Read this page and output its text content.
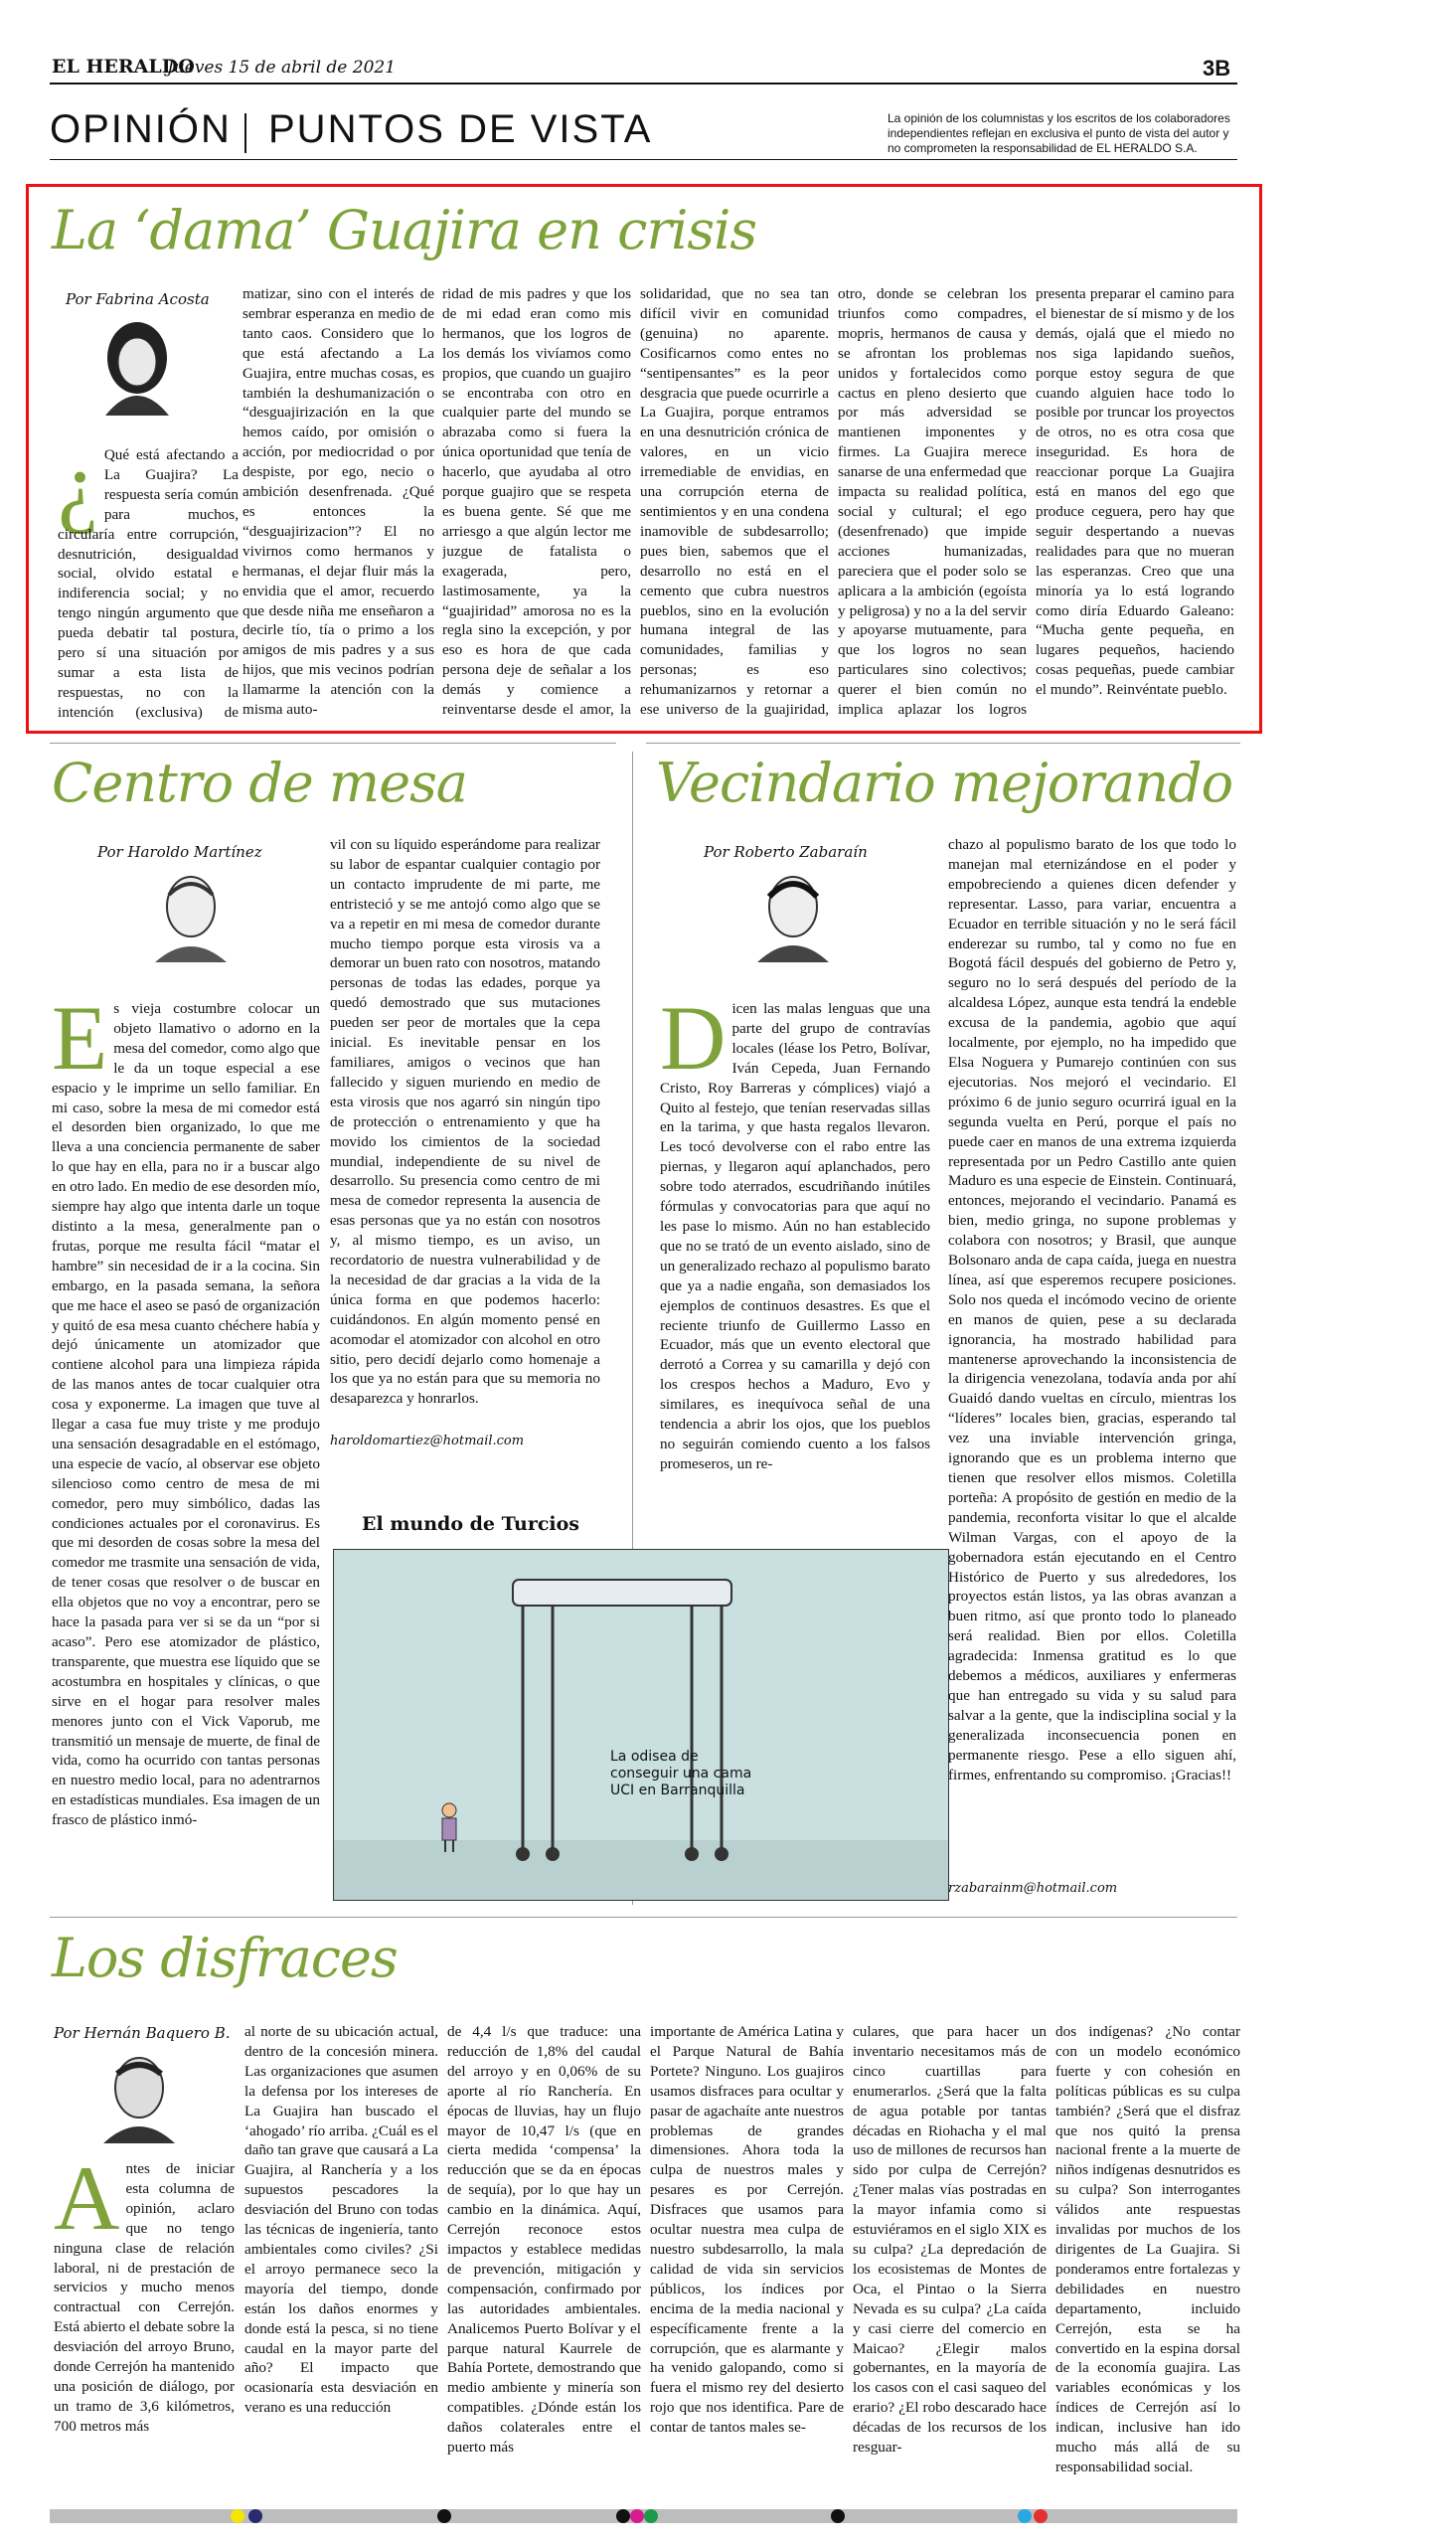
EL HERALDO
Jueves 15 de abril de 2021	3B
OPINIÓN PUNTOS DE VISTA	La opinión de los columnistas y los escritos de los colaboradores independientes reflejan en exclusiva el punto de vista del autor y no comprometen la responsabilidad de EL HERALDO S.A.
La ‘dama’ Guajira en crisis
Por Fabrina Acosta
¿ Qué está afectando a La Guajira? La respuesta sería común para muchos, circularía entre corrupción, desnutrición, desigualdad social, olvido estatal e indiferencia social; y no tengo ningún argumento que pueda debatir tal postura, pero sí una situación por sumar a esta lista de respuestas, no con la intención (exclusiva) de
matizar, sino con el interés de sembrar esperanza en medio de tanto caos. Considero que lo que está afectando a La Guajira, entre muchas cosas, es también la deshumanización o “desguajirización en la que hemos caído, por omisión o acción, por mediocridad o por despiste, por ego, necio o ambición desenfrenada. ¿Qué es entonces la “desguajirizacion”? El no vivirnos como hermanos y hermanas, el dejar fluir más la envidia que el amor, recuerdo que desde niña me enseñaron a decirle tío, tía o primo a los amigos de mis padres y a sus hijos, que mis vecinos podrían llamarme la atención con la misma auto-
ridad de mis padres y que los de mi edad eran como mis hermanos, que los logros de los demás los vivíamos como propios, que cuando un guajiro se encontraba con otro en cualquier parte del mundo se abrazaba como si fuera la única oportunidad que tenía de hacerlo, que ayudaba al otro porque guajiro que se respeta es buena gente. Sé que me arriesgo a que algún lector me juzgue de fatalista o exagerada, pero, lastimosamente, ya la “guajiridad” amorosa no es la regla sino la excepción, y por eso es hora de que cada persona deje de señalar a los demás y comience a reinventarse desde el amor, la
solidaridad, que no sea tan difícil vivir en comunidad (genuina) no aparente. Cosificarnos como entes no “sentipensantes” es la peor desgracia que puede ocurrirle a La Guajira, porque entramos en una desnutrición crónica de valores, en un vicio irremediable de envidias, en una corrupción eterna de sentimientos y en una condena inamovible de subdesarrollo; pues bien, sabemos que el desarrollo no está en el cemento que cubra nuestros pueblos, sino en la evolución humana integral de las comunidades, familias y personas; es eso rehumanizarnos y retornar a ese universo de la guajiridad,
otro, donde se celebran los triunfos como compadres, mopris, hermanos de causa y se afrontan los problemas unidos y fortalecidos como cactus en pleno desierto que por más adversidad se mantienen imponentes y firmes. La Guajira merece sanarse de una enfermedad que impacta su realidad política, social y cultural; el ego (desenfrenado) que impide acciones humanizadas, pareciera que el poder solo se aplicara a la ambición (egoísta y peligrosa) y no a la del servir y apoyarse mutuamente, para que los logros no sean particulares sino colectivos; querer el bien común no implica aplazar los logros
presenta preparar el camino para el bienestar de sí mismo y de los demás, ojalá que el miedo no nos siga lapidando sueños, porque estoy segura de que cuando alguien hace todo lo posible por truncar los proyectos de otros, no es otra cosa que inseguridad. Es hora de reaccionar porque La Guajira está en manos del ego que produce ceguera, pero hay que seguir despertando a nuevas realidades para que no mueran las esperanzas. Creo que una minoría ya lo está logrando como diría Eduardo Galeano: “Mucha gente pequeña, en lugares pequeños, haciendo cosas pequeñas, puede cambiar el mundo”. Reinvéntate pueblo.
Centro de mesa
Por Haroldo Martínez
Es vieja costumbre colocar un objeto llamativo o adorno en la mesa del comedor, como algo que le da un toque especial a ese espacio y le imprime un sello familiar. En mi caso, sobre la mesa de mi comedor está el desorden bien organizado, lo que me lleva a una conciencia permanente de saber lo que hay en ella, para no ir a buscar algo en otro lado. En medio de ese desorden mío, siempre hay algo que intenta darle un toque distinto a la mesa, generalmente pan o frutas, porque me resulta fácil “matar el hambre” sin necesidad de ir a la cocina. Sin embargo, en la pasada semana, la señora que me hace el aseo se pasó de organización y quitó de esa mesa cuanto chéchere había y dejó únicamente un atomizador que contiene alcohol para una limpieza rápida de las manos antes de tocar cualquier otra cosa y exponerme. La imagen que tuve al llegar a casa fue muy triste y me produjo una sensación desagradable en el estómago, una especie de vacío, al observar ese objeto silencioso como centro de mesa de mi comedor, pero muy simbólico, dadas las condiciones actuales por el coronavirus. Es que mi desorden de cosas sobre la mesa del comedor me trasmite una sensación de vida, de tener cosas que resolver o de buscar en ella objetos que no voy a encontrar, pero se hace la pasada para ver si se da un “por si acaso”. Pero ese atomizador de plástico, transparente, que muestra ese líquido que se acostumbra en hospitales y clínicas, o que sirve en el hogar para resolver males menores junto con el Vick Vaporub, me transmitió un mensaje de muerte, de final de vida, como ha ocurrido con tantas personas en nuestro medio local, para no adentrarnos en estadísticas mundiales. Esa imagen de un frasco de plástico inmó-
vil con su líquido esperándome para realizar su labor de espantar cualquier contagio por un contacto imprudente de mi parte, me entristeció y se me antojó como algo que se va a repetir en mi mesa de comedor durante mucho tiempo porque esta virosis va a demorar un buen rato con nosotros, matando personas de todas las edades, porque ya quedó demostrado que sus mutaciones pueden ser peor de mortales que la cepa inicial. Es inevitable pensar en los familiares, amigos o vecinos que han fallecido y siguen muriendo en medio de esta virosis que nos agarró sin ningún tipo de protección o entrenamiento y que ha movido los cimientos de la sociedad mundial, independiente de su nivel de desarrollo. Su presencia como centro de mi mesa de comedor representa la ausencia de esas personas que ya no están con nosotros y, al mismo tiempo, es un aviso, un recordatorio de nuestra vulnerabilidad y de la necesidad de dar gracias a la vida de la única forma en que podemos hacerlo: cuidándonos. En algún momento pensé en acomodar el atomizador con alcohol en otro sitio, pero decidí dejarlo como homenaje a los que ya no están para que su memoria no desaparezca y honrarlos.
haroldomartiez@hotmail.com
El mundo de Turcios
La odisea de conseguir una cama UCI en Barranquilla
Vecindario mejorando
Por Roberto Zabaraín
Dicen las malas lenguas que una parte del grupo de contravías locales (léase los Petro, Bolívar, Iván Cepeda, Juan Fernando Cristo, Roy Barreras y cómplices) viajó a Quito al festejo, que tenían reservadas sillas en la tarima, y que hasta regalos llevaron. Les tocó devolverse con el rabo entre las piernas, y llegaron aquí aplanchados, pero sobre todo aterrados, escudriñando inútiles fórmulas y convocatorias para que aquí no les pase lo mismo. Aún no han establecido que no se trató de un evento aislado, sino de un generalizado rechazo al populismo barato que ya a nadie engaña, son demasiados los ejemplos de continuos desastres. Es que el reciente triunfo de Guillermo Lasso en Ecuador, más que un evento electoral que derrotó a Correa y su camarilla y dejó con los crespos hechos a Maduro, Evo y similares, es inequívoca señal de una tendencia a abrir los ojos, que los pueblos no seguirán comiendo cuento a los falsos promeseros, un re-
chazo al populismo barato de los que todo lo manejan mal eternizándose en el poder y empobreciendo a quienes dicen defender y representar. Lasso, para variar, encuentra a Ecuador en terrible situación y no le será fácil enderezar su rumbo, tal y como no fue en Bogotá fácil después del gobierno de Petro y, seguro no lo será después del período de la alcaldesa López, aunque esta tendrá la endeble excusa de la pandemia, agobio que aquí localmente, por ejemplo, no ha impedido que Elsa Noguera y Pumarejo continúen con sus ejecutorias. Nos mejoró el vecindario. El próximo 6 de junio seguro ocurrirá igual en la segunda vuelta en Perú, porque el país no puede caer en manos de una extrema izquierda representada por un Pedro Castillo ante quien Maduro es una especie de Einstein. Continuará, entonces, mejorando el vecindario. Panamá es bien, medio gringa, no supone problemas y colabora con nosotros; y Brasil, que aunque Bolsonaro anda de capa caída, juega en nuestra línea, así que esperemos recupere posiciones. Solo nos queda el incómodo vecino de oriente en manos de quien, pese a su declarada ignorancia, ha mostrado habilidad para mantenerse aprovechando la inconsistencia de la dirigencia venezolana, todavía anda por ahí Guaidó dando vueltas en círculo, mientras los “líderes” locales bien, gracias, esperando tal vez una inviable intervención gringa, ignorando que es un problema interno que tienen que resolver ellos mismos. Coletilla porteña: A propósito de gestión en medio de la pandemia, reconforta visitar lo que el alcalde Wilman Vargas, con el apoyo de la gobernadora están ejecutando en el Centro Histórico de Puerto y sus alrededores, los proyectos están listos, ya las obras avanzan a buen ritmo, así que pronto todo lo planeado será realidad. Bien por ellos. Coletilla agradecida: Inmensa gratitud es lo que debemos a médicos, auxiliares y enfermeras que han entregado su vida y su salud para salvar a la gente, que la indisciplina social y la generalizada inconsecuencia ponen en permanente riesgo. Pese a ello siguen ahí, firmes, enfrentando su compromiso. ¡Gracias!!
rzabarainm@hotmail.com
Los disfraces
Por Hernán Baquero B.
Antes de iniciar esta columna de opinión, aclaro que no tengo ninguna clase de relación laboral, ni de prestación de servicios y mucho menos contractual con Cerrejón. Está abierto el debate sobre la desviación del arroyo Bruno, donde Cerrejón ha mantenido una posición de diálogo, por un tramo de 3,6 kilómetros, 700 metros más
al norte de su ubicación actual, dentro de la concesión minera. Las organizaciones que asumen la defensa por los intereses de La Guajira han buscado el ‘ahogado’ río arriba. ¿Cuál es el daño tan grave que causará a La Guajira, al Ranchería y a los supuestos pescadores la desviación del Bruno con todas las técnicas de ingeniería, tanto ambientales como civiles? ¿Si el arroyo permanece seco la mayoría del tiempo, donde están los daños enormes y donde está la pesca, si no tiene caudal en la mayor parte del año? El impacto que ocasionaría esta desviación en verano es una reducción
de 4,4 l/s que traduce: una reducción de 1,8% del caudal del arroyo y en 0,06% de su aporte al río Ranchería. En épocas de lluvias, hay un flujo mayor de 10,47 l/s (que en cierta medida ‘compensa’ la reducción que se da en épocas de sequía), por lo que hay un cambio en la dinámica. Aquí, Cerrejón reconoce estos impactos y establece medidas de prevención, mitigación y compensación, confirmado por las autoridades ambientales. Analicemos Puerto Bolívar y el parque natural Kaurrele de Bahía Portete, demostrando que medio ambiente y minería son compatibles. ¿Dónde están los daños colaterales entre el puerto más
importante de América Latina y el Parque Natural de Bahía Portete? Ninguno. Los guajiros usamos disfraces para ocultar y pasar de agachaíte ante nuestros problemas de grandes dimensiones. Ahora toda la culpa de nuestros males y pesares es por Cerrejón. Disfraces que usamos para ocultar nuestra mea culpa de nuestro subdesarrollo, la mala calidad de vida sin servicios públicos, los índices por encima de la media nacional y específicamente frente a la corrupción, que es alarmante y ha venido galopando, como si fuera el mismo rey del desierto rojo que nos identifica. Pare de contar de tantos males se-
culares, que para hacer un inventario necesitamos más de cinco cuartillas para enumerarlos. ¿Será que la falta de agua potable por tantas décadas en Riohacha y el mal uso de millones de recursos han sido por culpa de Cerrejón? ¿Tener malas vías postradas en la mayor infamia como si estuviéramos en el siglo XIX es su culpa? ¿La depredación de los ecosistemas de Montes de Oca, el Pintao o la Sierra Nevada es su culpa? ¿La caída y casi cierre del comercio en Maicao? ¿Elegir malos gobernantes, en la mayoría de los casos con el casi saqueo del erario? ¿El robo descarado hace décadas de los recursos de los resguar-
dos indígenas? ¿No contar con un modelo económico fuerte y con cohesión en políticas públicas es su culpa también? ¿Será que el disfraz que nos quitó la prensa nacional frente a la muerte de niños indígenas desnutridos es su culpa? Son interrogantes válidos ante respuestas invalidas por muchos de los dirigentes de La Guajira. Si ponderamos entre fortalezas y debilidades en nuestro departamento, incluido Cerrejón, esta se ha convertido en la espina dorsal de la economía guajira. Las variables económicas y los índices de Cerrejón así lo indican, inclusive han ido mucho más allá de su responsabilidad social.
